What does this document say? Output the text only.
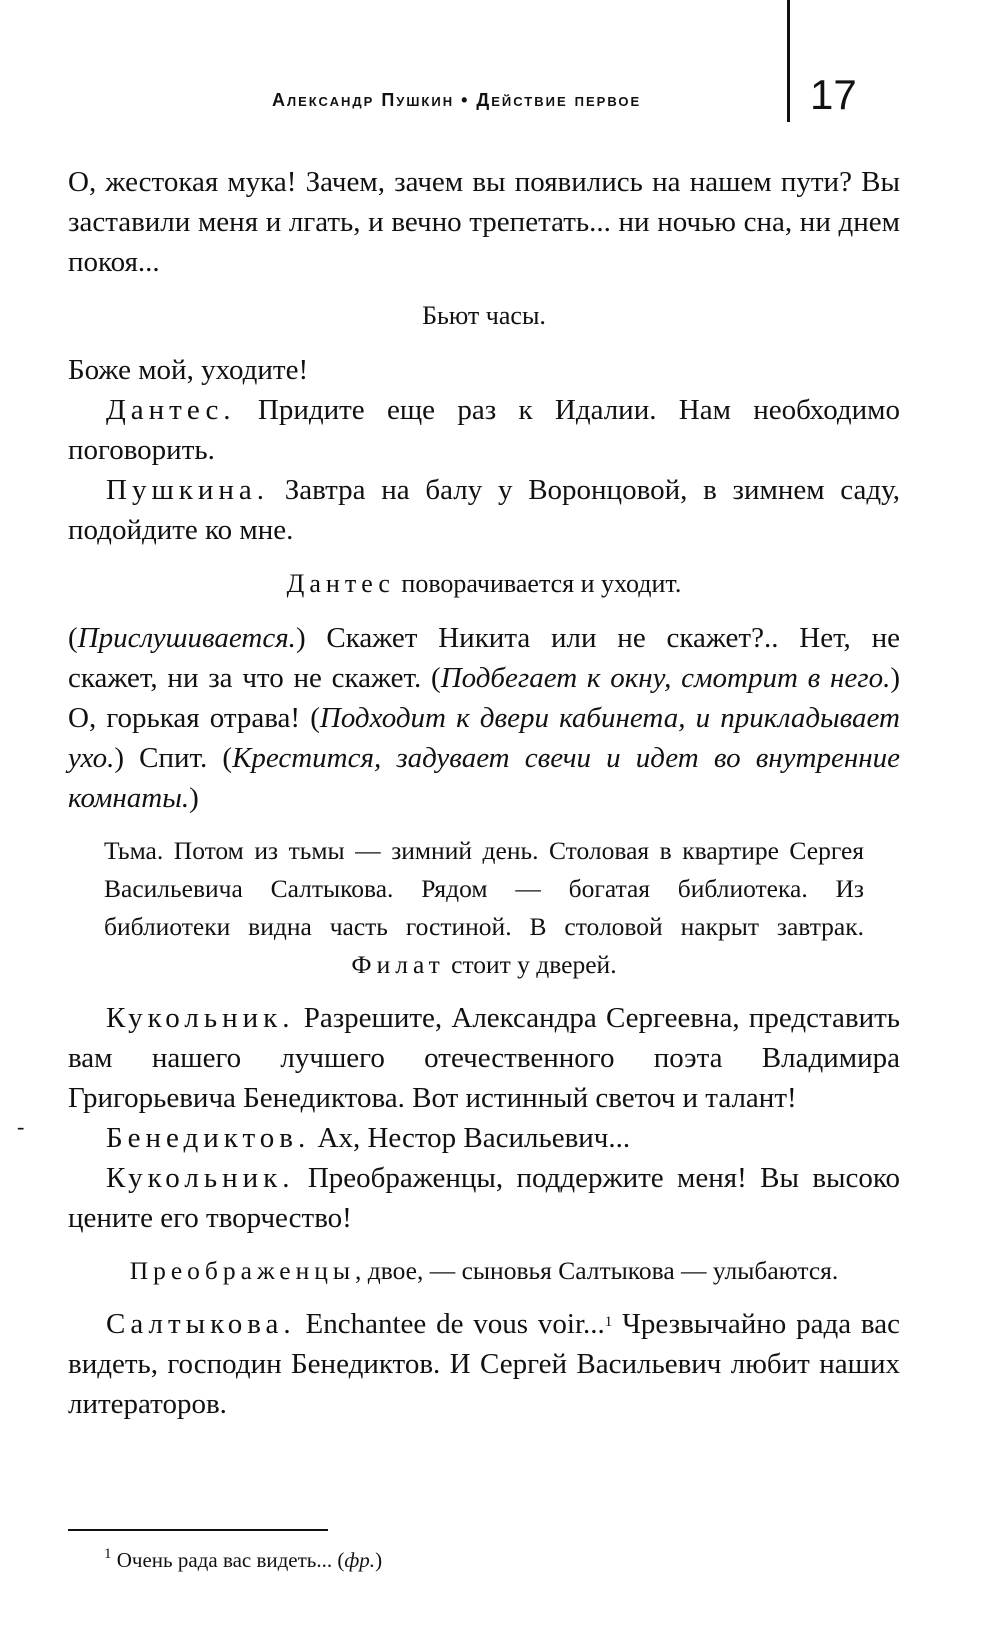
Александр Пушкин • Действие первое	17
-

О, жестокая мука! Зачем, зачем вы появились на нашем пути? Вы заставили меня и лгать, и вечно трепетать... ни ночью сна, ни днем покоя...

Бьют часы.

Боже мой, уходите!

Дантес. Придите еще раз к Идалии. Нам необходимо поговорить.

Пушкина. Завтра на балу у Воронцовой, в зимнем саду, подойдите ко мне.

Дантес поворачивается и уходит.

(Прислушивается.) Скажет Никита или не скажет?.. Нет, не скажет, ни за что не скажет. (Подбегает к окну, смотрит в него.) О, горькая отрава! (Подходит к двери кабинета, и прикладывает ухо.) Спит. (Крестится, задувает свечи и идет во внутренние комнаты.)

Тьма. Потом из тьмы — зимний день. Столовая в квартире Сергея Васильевича Салтыкова. Рядом — богатая библиотека. Из библиотеки видна часть гостиной. В столовой накрыт завтрак. Филат стоит у дверей.

Кукольник. Разрешите, Александра Сергеевна, представить вам нашего лучшего отечественного поэта Владимира Григорьевича Бенедиктова. Вот истинный светоч и талант!

Бенедиктов. Ах, Нестор Васильевич...

Кукольник. Преображенцы, поддержите меня! Вы высоко цените его творчество!

Преображенцы, двое, — сыновья Салтыкова — улыбаются.

Салтыкова. Enchantee de vous voir...$^1$ Чрезвычайно рада вас видеть, господин Бенедиктов. И Сергей Васильевич любит наших литераторов.

$^1$ Очень рада вас видеть... (фр.)
